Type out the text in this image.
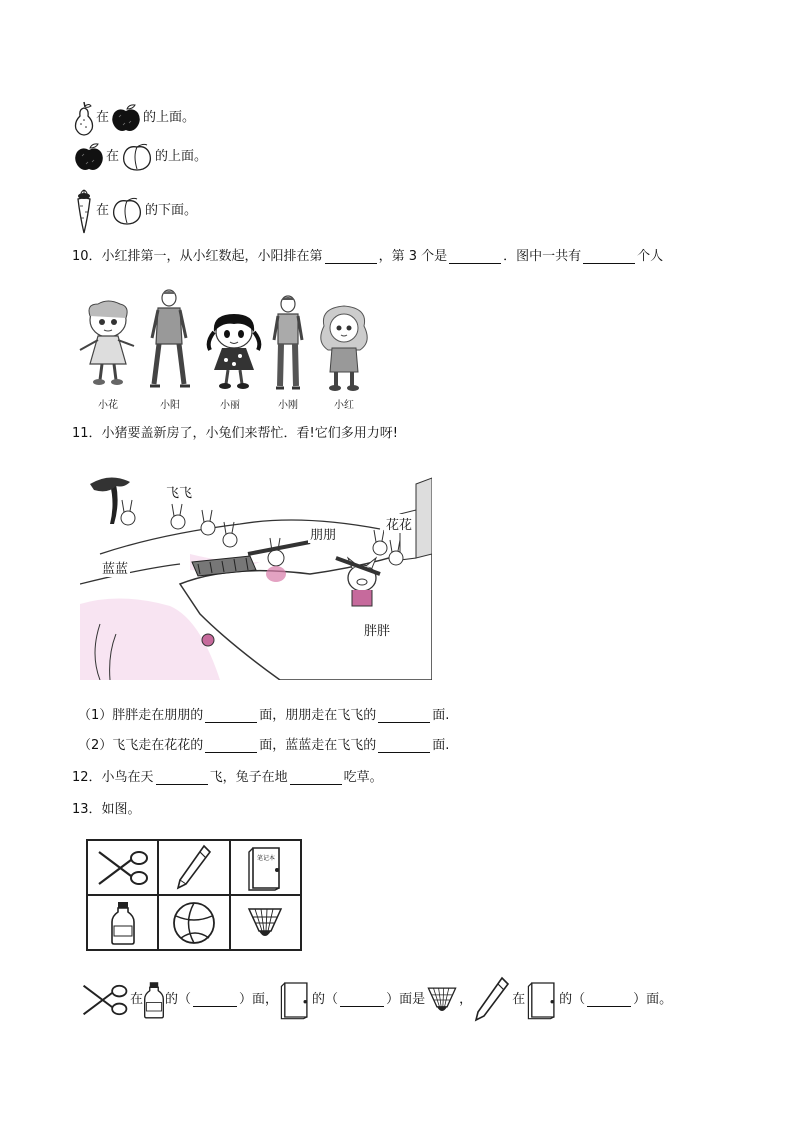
在	的上面。
在	的上面。
在	的下面。
10． 小红排第一，从小红数起，小阳排在第	，第 3 个是	．图中一共有	个人
小花	小阳	小丽	小刚	小红
11． 小猪要盖新房了，小兔们来帮忙．看!它们多用力呀!
飞飞
朋朋
花花
蓝蓝
胖胖
（1）胖胖走在朋朋的	面，朋朋走在飞飞的	面.
（2）飞飞走在花花的	面，蓝蓝走在飞飞的	面.
12． 小鸟在天	飞，兔子在地	吃草。
13． 如图。
笔记本
在 的（	）面，	的（	）面是	，	在	的（	）面。
